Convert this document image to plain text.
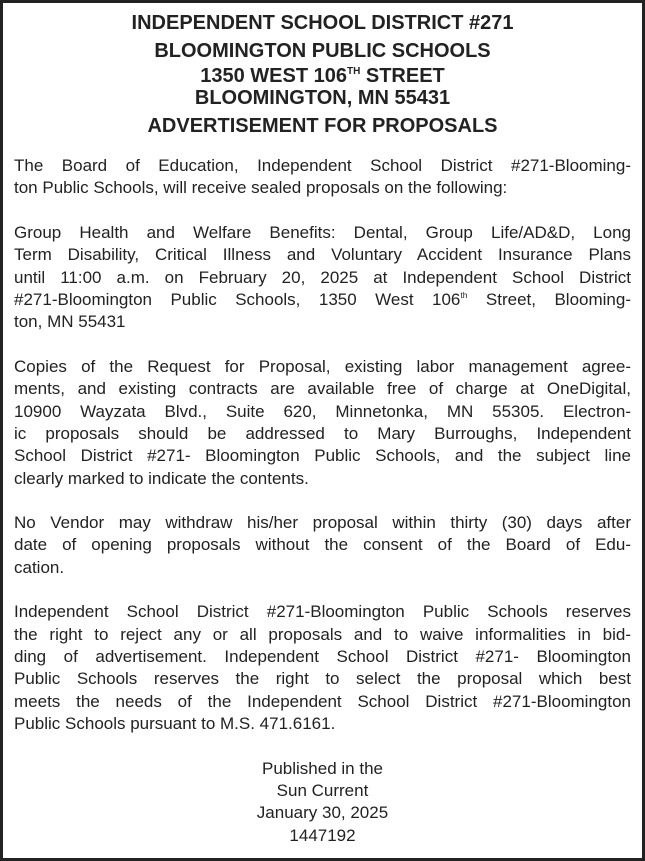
INDEPENDENT SCHOOL DISTRICT #271
BLOOMINGTON PUBLIC SCHOOLS
1350 WEST 106TH STREET
BLOOMINGTON, MN 55431
ADVERTISEMENT FOR PROPOSALS
The Board of Education, Independent School District #271-Blooming-
ton Public Schools, will receive sealed proposals on the following:
Group Health and Welfare Benefits: Dental, Group Life/AD&D, Long
Term Disability, Critical Illness and Voluntary Accident Insurance Plans
until 11:00 a.m. on February 20, 2025 at Independent School District
#271-Bloomington Public Schools, 1350 West 106th Street, Blooming-
ton, MN 55431
Copies of the Request for Proposal, existing labor management agree-
ments, and existing contracts are available free of charge at OneDigital,
10900 Wayzata Blvd., Suite 620, Minnetonka, MN 55305. Electron-
ic proposals should be addressed to Mary Burroughs, Independent
School District #271- Bloomington Public Schools, and the subject line
clearly marked to indicate the contents.
No Vendor may withdraw his/her proposal within thirty (30) days after
date of opening proposals without the consent of the Board of Edu-
cation.
Independent School District #271-Bloomington Public Schools reserves
the right to reject any or all proposals and to waive informalities in bid-
ding of advertisement. Independent School District #271- Bloomington
Public Schools reserves the right to select the proposal which best
meets the needs of the Independent School District #271-Bloomington
Public Schools pursuant to M.S. 471.6161.
Published in the
Sun Current
January 30, 2025
1447192
